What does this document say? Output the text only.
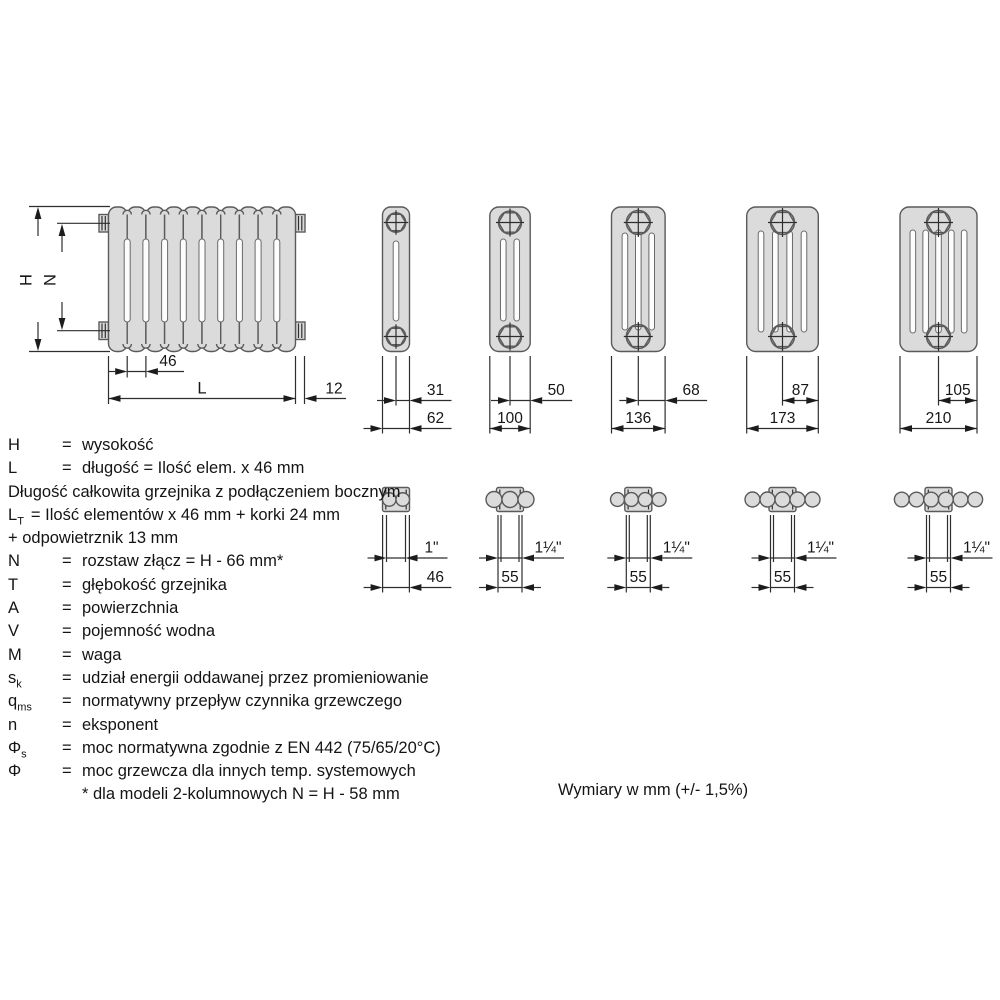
H N
46
L	12	31
62
50
100
68
136
87
173
105
210
1"
46
1¼"
55
1¼"
55
1¼"
55
1¼"
55
H	= wysokość
L	= długość = Ilość elem. x 46 mm
Długość całkowita grzejnika z podłączeniem bocznym
$L_T$ = Ilość elementów x 46 mm + korki 24 mm
+ odpowietrznik 13 mm
N	= rozstaw złącz = H - 66 mm*
T	= głębokość grzejnika
A	= powierzchnia
V	= pojemność wodna
M	= waga
$s_k$	= udział energii oddawanej przez promieniowanie
$q_{ms}$	= normatywny przepływ czynnika grzewczego
n	= eksponent
$\Phi_s$	= moc normatywna zgodnie z EN 442 (75/65/20°C)
Φ	= moc grzewcza dla innych temp. systemowych
* dla modeli 2-kolumnowych N = H - 58 mm	Wymiary w mm (+/- 1,5%)
